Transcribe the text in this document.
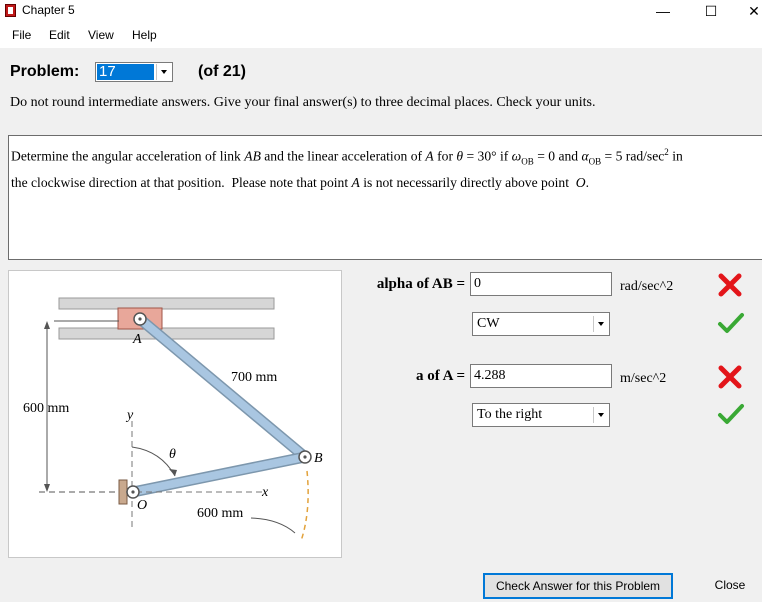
Chapter 5	—	☐	✕
File Edit View Help
Problem: 17	(of 21)
Do not round intermediate answers. Give your final answer(s) to three decimal places. Check your units.
Determine the angular acceleration of link AB and the linear acceleration of A for θ = 30° if $\omega_{OB} = 0$ and $\alpha_{OB} = 5$ rad/$\sec^2$ in
the clockwise direction at that position.  Please note that point A is not necessarily directly above point  O.
A
B
O
x
y
θ
700 mm
600 mm
600 mm
alpha of AB = 0	rad/sec^2
CW
a of A = 4.288	m/sec^2
To the right
Check Answer for this Problem	Close
